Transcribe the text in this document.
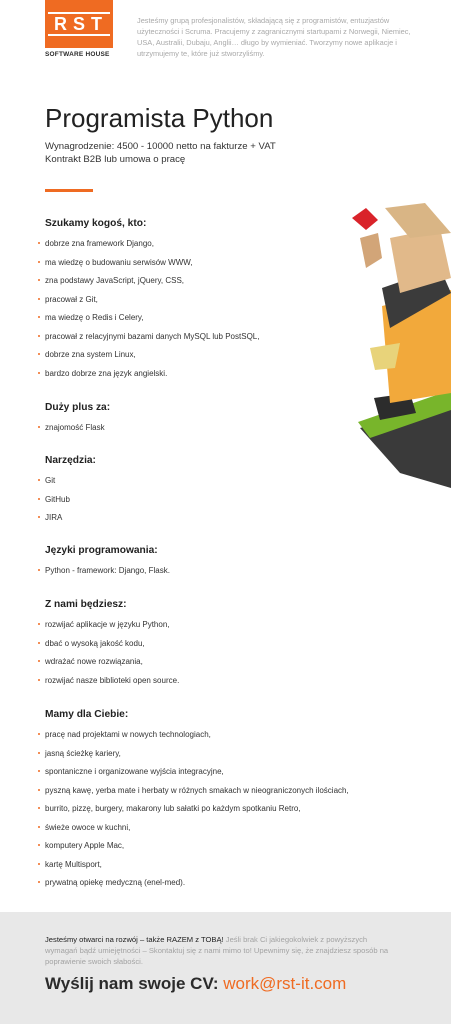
RST
SOFTWARE HOUSE
Jesteśmy grupą profesjonalistów, składającą się z programistów, entuzjastów użyteczności i Scruma. Pracujemy z zagranicznymi startupami z Norwegii, Niemiec, USA, Australii, Dubaju, Anglii… długo by wymieniać. Tworzymy nowe aplikacje i utrzymujemy te, które już stworzyliśmy.
Programista Python
Wynagrodzenie: 4500 - 10000 netto na fakturze + VAT
Kontrakt B2B lub umowa o pracę
Szukamy kogoś, kto:
dobrze zna framework Django,
ma wiedzę o budowaniu serwisów WWW,
zna podstawy JavaScript, jQuery, CSS,
pracował z Git,
ma wiedzę o Redis i Celery,
pracował z relacyjnymi bazami danych MySQL lub PostSQL,
dobrze zna system Linux,
bardzo dobrze zna język angielski.
Duży plus za:
znajomość Flask
Narzędzia:
Git
GitHub
JIRA
Języki programowania:
Python - framework: Django, Flask.
Z nami będziesz:
rozwijać aplikacje w języku Python,
dbać o wysoką jakość kodu,
wdrażać nowe rozwiązania,
rozwijać nasze biblioteki open source.
Mamy dla Ciebie:
pracę nad projektami w nowych technologiach,
jasną ścieżkę kariery,
spontaniczne i organizowane wyjścia integracyjne,
pyszną kawę, yerba mate i herbaty w różnych smakach w nieograniczonych ilościach,
burrito, pizzę, burgery, makarony lub sałatki po każdym spotkaniu Retro,
świeże owoce w kuchni,
komputery Apple Mac,
kartę Multisport,
prywatną opiekę medyczną (enel-med).
Jesteśmy otwarci na rozwój – także RAZEM z TOBĄ! Jeśli brak Ci jakiegokolwiek z powyższych wymagań bądź umiejętności – Skontaktuj się z nami mimo to! Upewnimy się, że znajdziesz sposób na poprawienie swoich słabości.
Wyślij nam swoje CV: work@rst-it.com
